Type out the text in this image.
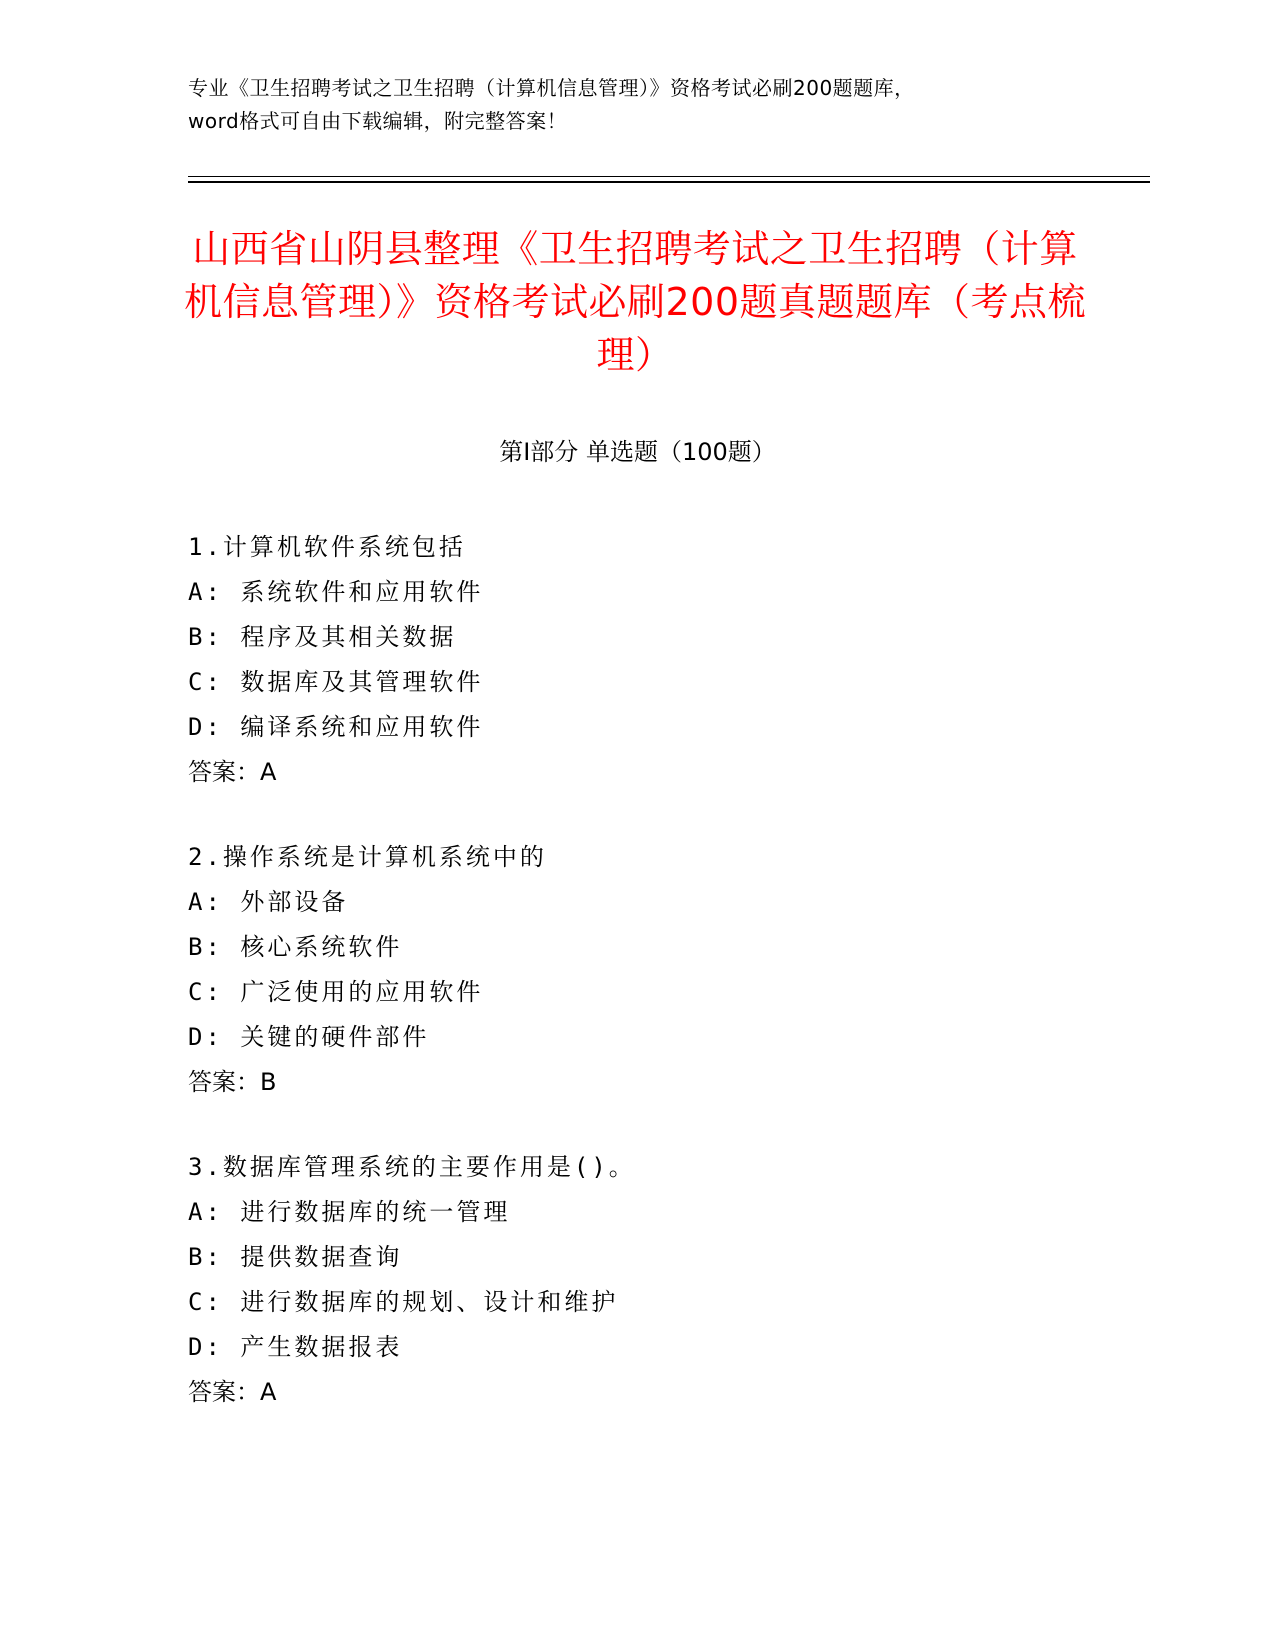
专业《卫生招聘考试之卫生招聘（计算机信息管理）》资格考试必刷200题题库，
word格式可自由下载编辑，附完整答案！
山西省山阴县整理《卫生招聘考试之卫生招聘（计算机信息管理）》资格考试必刷200题真题题库（考点梳理）
第Ⅰ部分 单选题（100题）
1.计算机软件系统包括
A: 系统软件和应用软件
B: 程序及其相关数据
C: 数据库及其管理软件
D: 编译系统和应用软件
答案：A
2.操作系统是计算机系统中的
A: 外部设备
B: 核心系统软件
C: 广泛使用的应用软件
D: 关键的硬件部件
答案：B
3.数据库管理系统的主要作用是()。
A: 进行数据库的统一管理
B: 提供数据查询
C: 进行数据库的规划、设计和维护
D: 产生数据报表
答案：A
